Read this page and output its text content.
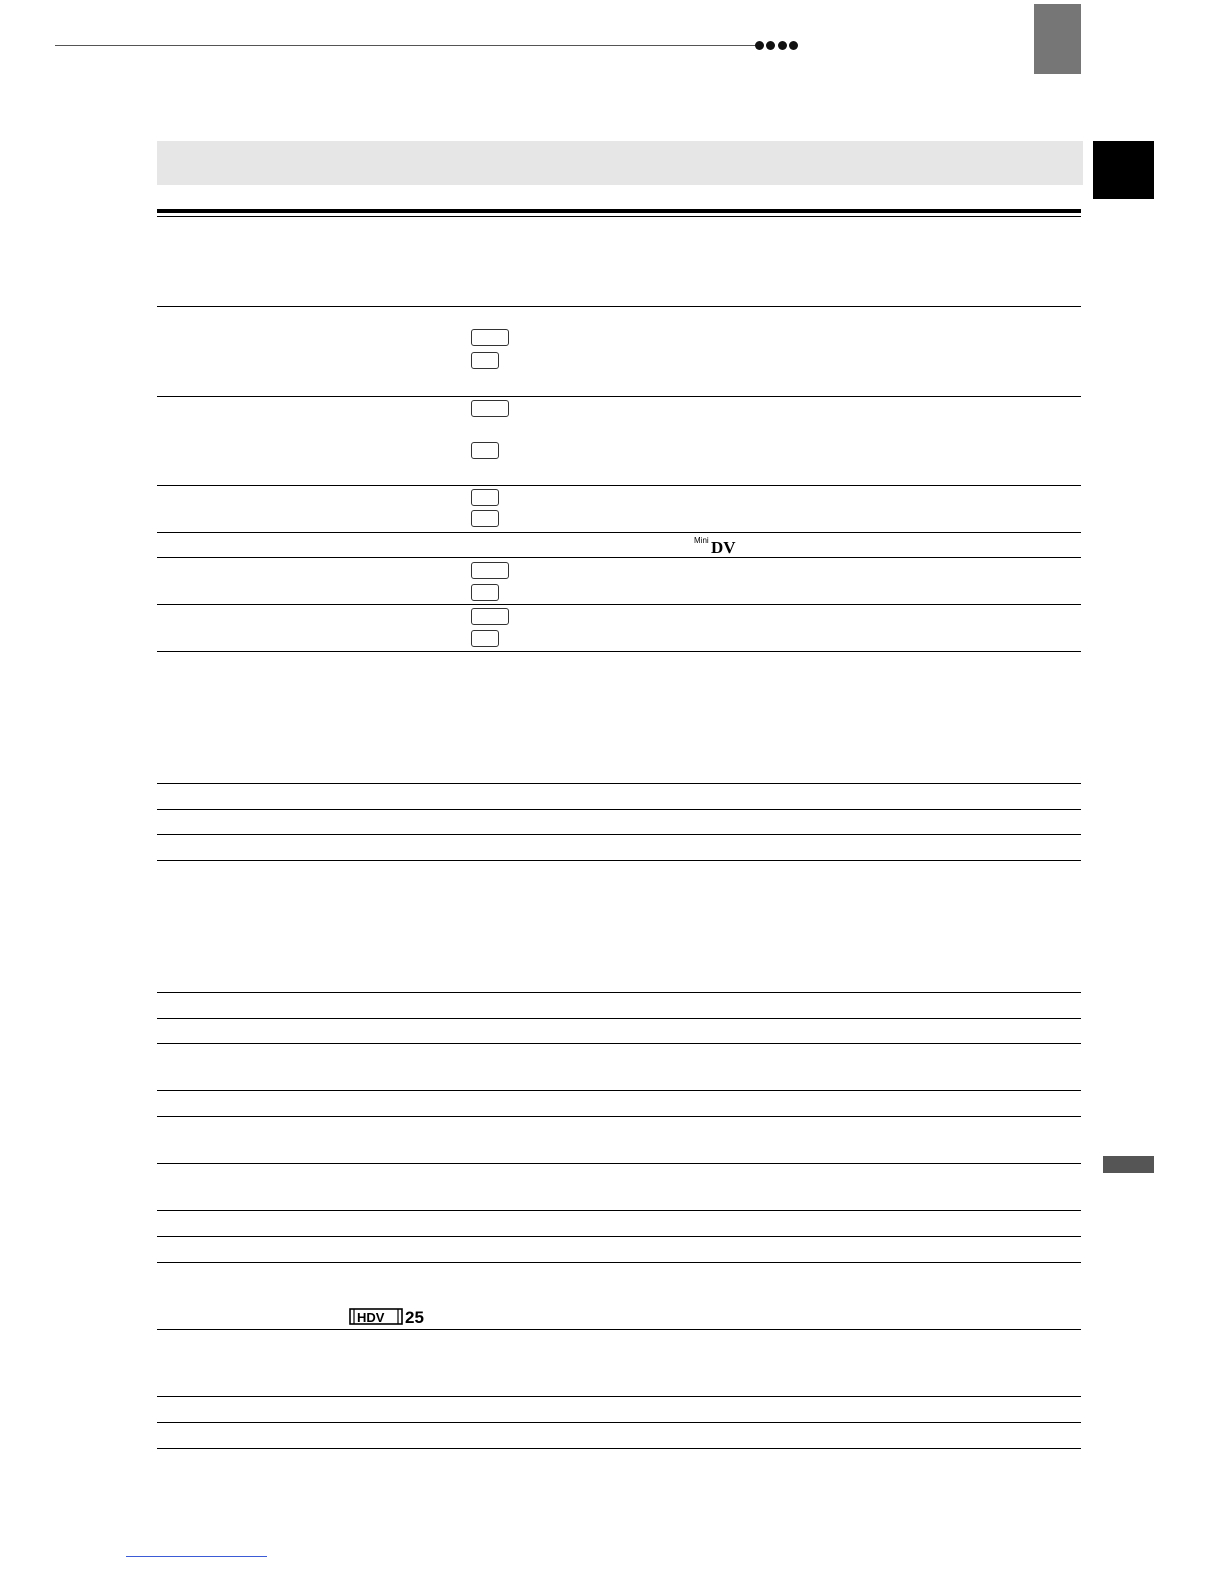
Mini DV
HDV 25
